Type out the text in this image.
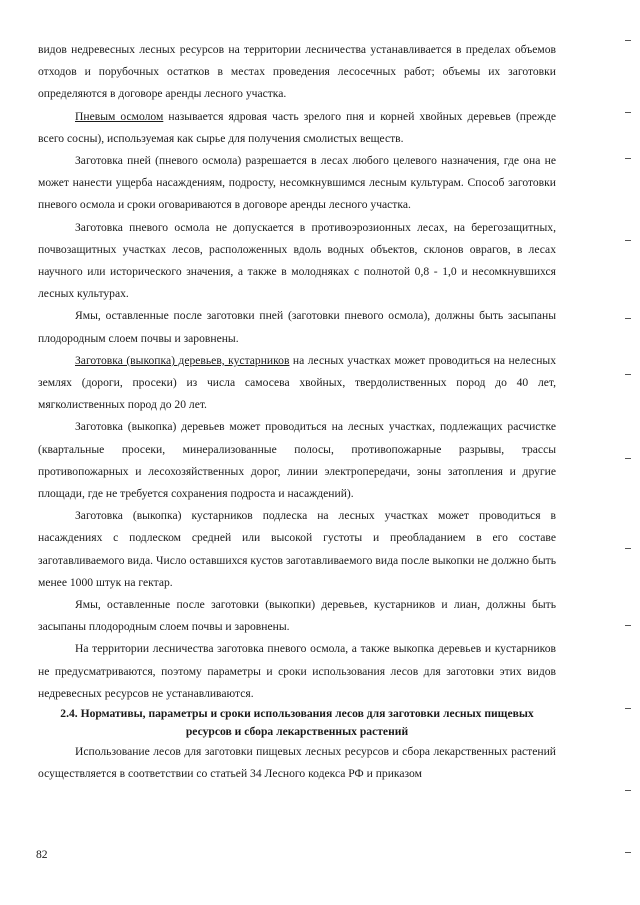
видов недревесных лесных ресурсов на территории лесничества устанавливается в пределах объемов отходов и порубочных остатков в местах проведения лесосечных работ; объемы их заготовки определяются в договоре аренды лесного участка.

Пневым осмолом называется ядровая часть зрелого пня и корней хвойных деревьев (прежде всего сосны), используемая как сырье для получения смолистых веществ.

Заготовка пней (пневого осмола) разрешается в лесах любого целевого назначения, где она не может нанести ущерба насаждениям, подросту, несомкнувшимся лесным культурам. Способ заготовки пневого осмола и сроки оговариваются в договоре аренды лесного участка.

Заготовка пневого осмола не допускается в противоэрозионных лесах, на берегозащитных, почвозащитных участках лесов, расположенных вдоль водных объектов, склонов оврагов, в лесах научного или исторического значения, а также в молодняках с полнотой 0,8 - 1,0 и несомкнувшихся лесных культурах.

Ямы, оставленные после заготовки пней (заготовки пневого осмола), должны быть засыпаны плодородным слоем почвы и заровнены.

Заготовка (выкопка) деревьев, кустарников на лесных участках может проводиться на нелесных землях (дороги, просеки) из числа самосева хвойных, твердолиственных пород до 40 лет, мягколиственных пород до 20 лет.

Заготовка (выкопка) деревьев может проводиться на лесных участках, подлежащих расчистке (квартальные просеки, минерализованные полосы, противопожарные разрывы, трассы противопожарных и лесохозяйственных дорог, линии электропередачи, зоны затопления и другие площади, где не требуется сохранения подроста и насаждений).

Заготовка (выкопка) кустарников подлеска на лесных участках может проводиться в насаждениях с подлеском средней или высокой густоты и преобладанием в его составе заготавливаемого вида. Число оставшихся кустов заготавливаемого вида после выкопки не должно быть менее 1000 штук на гектар.

Ямы, оставленные после заготовки (выкопки) деревьев, кустарников и лиан, должны быть засыпаны плодородным слоем почвы и заровнены.

На территории лесничества заготовка пневого осмола, а также выкопка деревьев и кустарников не предусматриваются, поэтому параметры и сроки использования лесов для заготовки этих видов недревесных ресурсов не устанавливаются.

2.4. Нормативы, параметры и сроки использования лесов для заготовки лесных пищевых ресурсов и сбора лекарственных растений

Использование лесов для заготовки пищевых лесных ресурсов и сбора лекарственных растений осуществляется в соответствии со статьей 34 Лесного кодекса РФ и приказом

82
